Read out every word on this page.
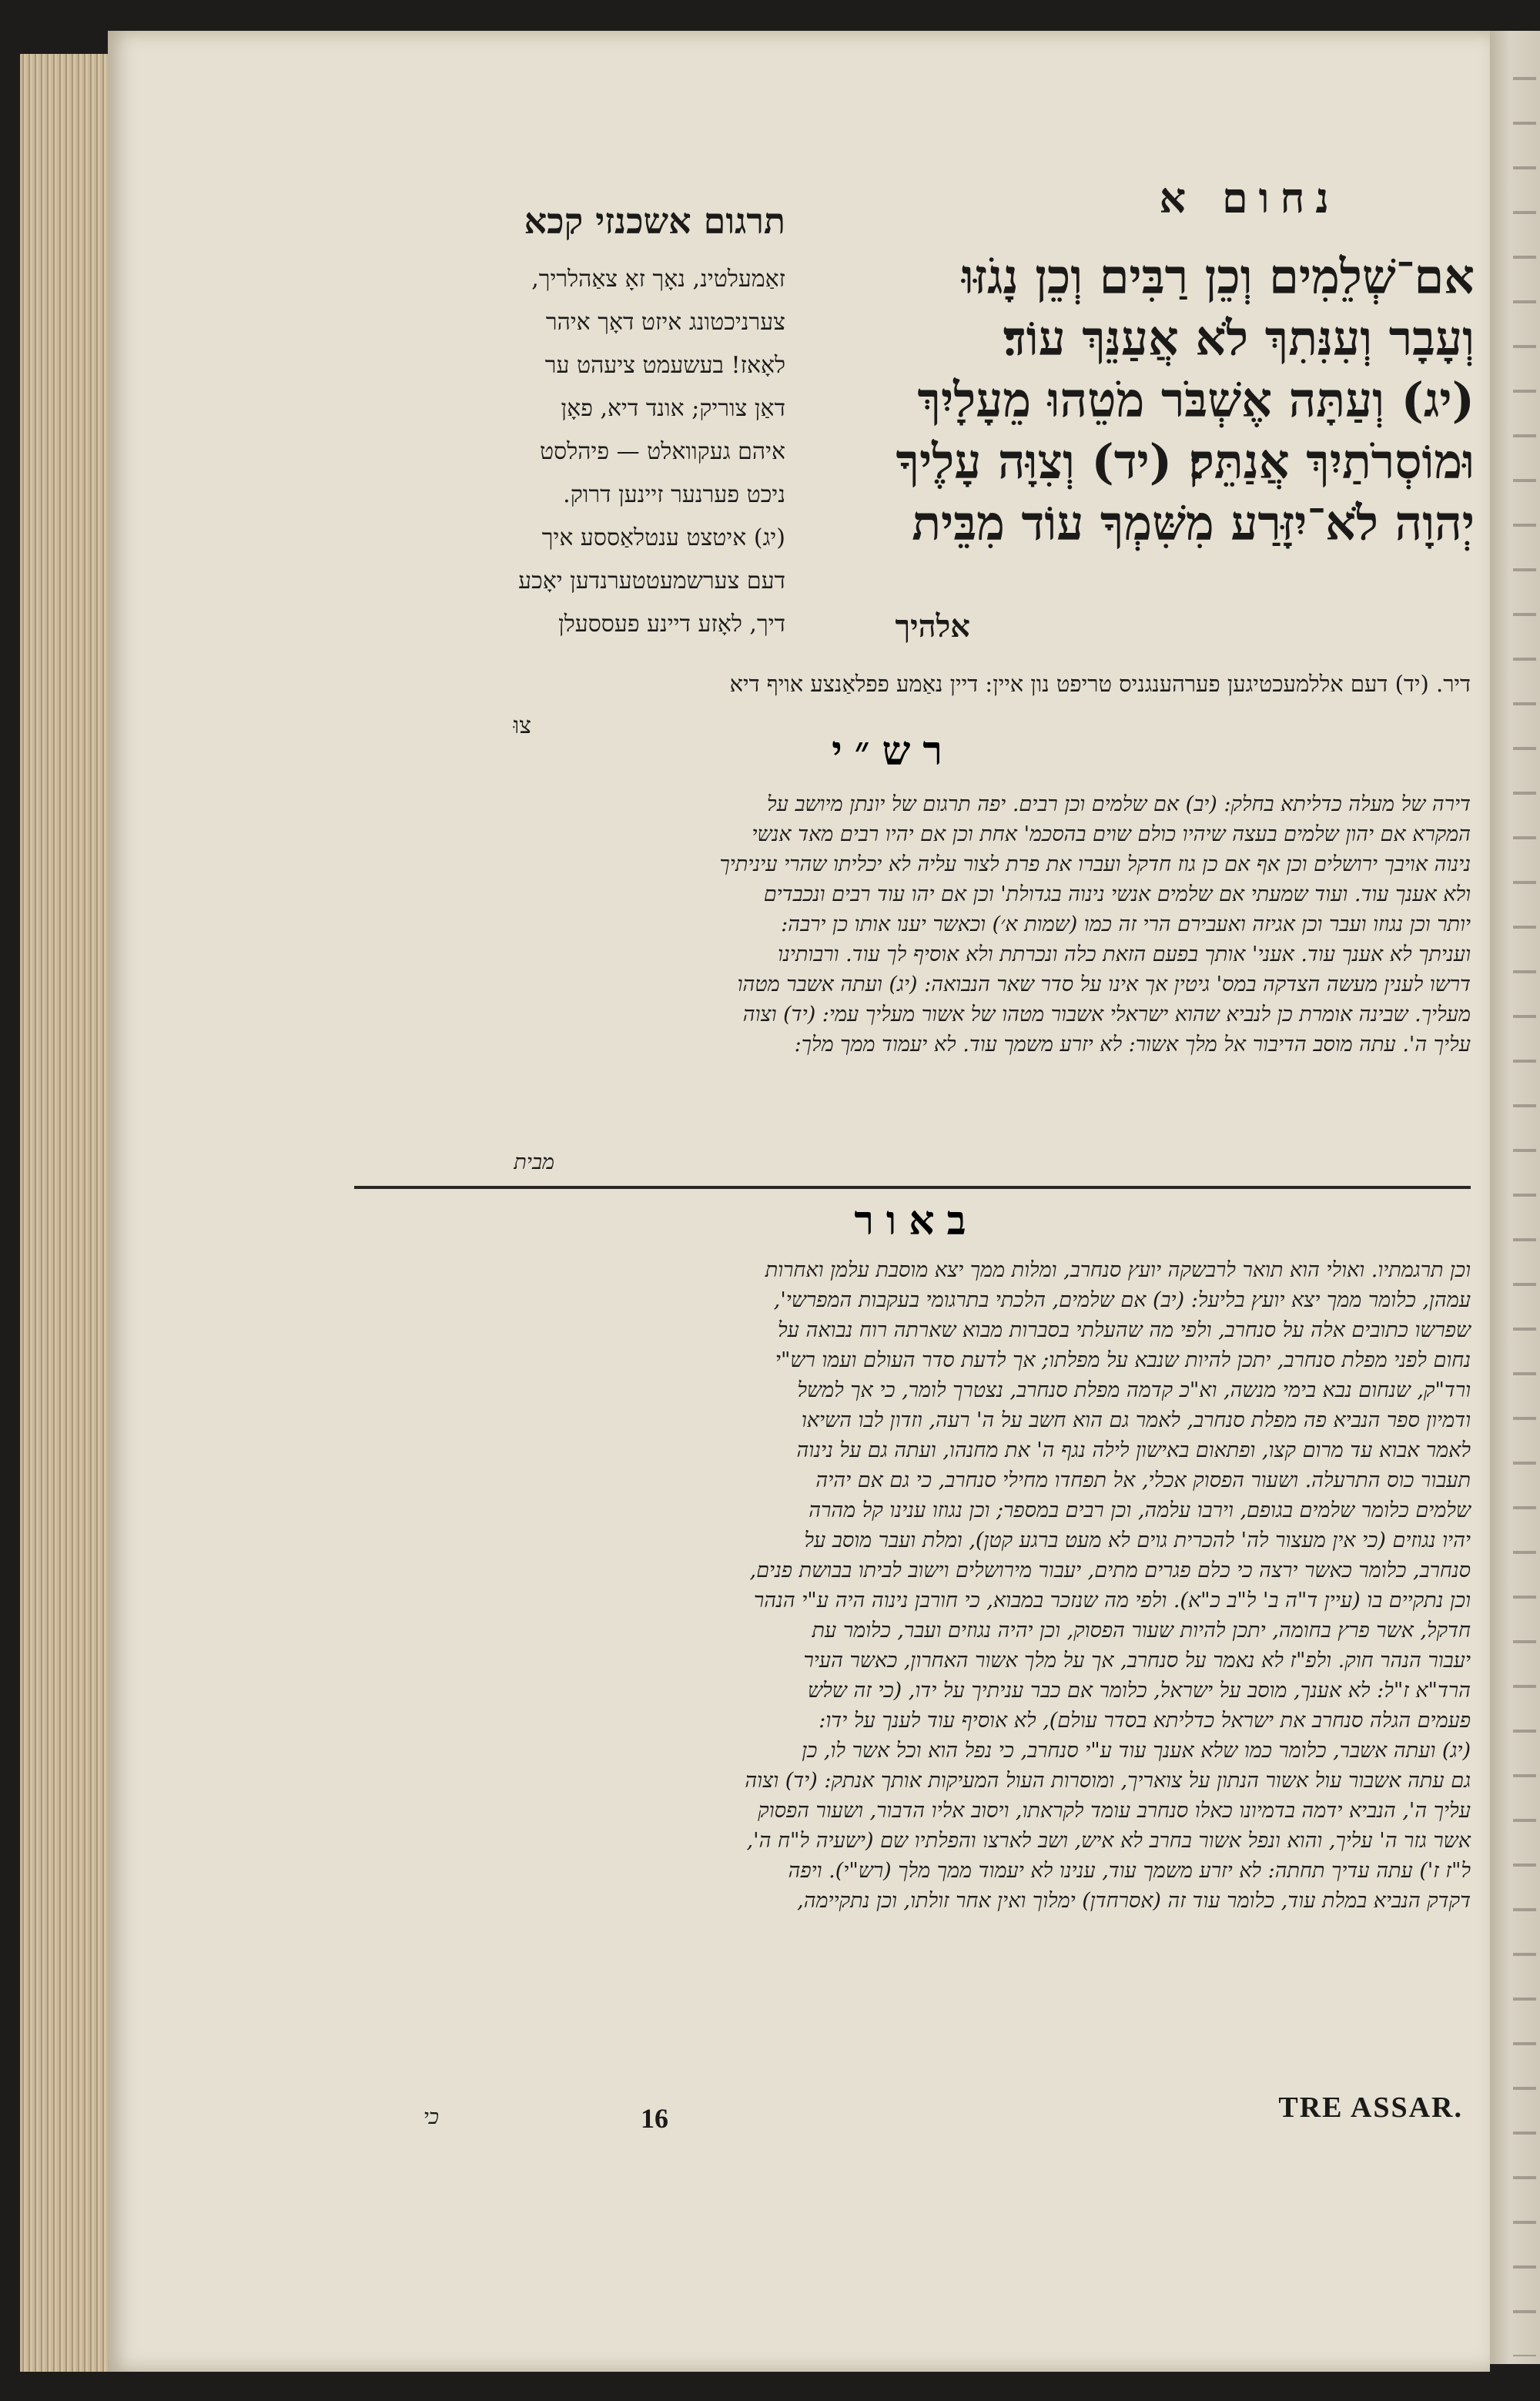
נחום א
תרגום אשכנזי קכא
אם־שְׁלֵמִים וְכֵן רַבִּים וְכֵן נָגֹזּוּ
וְעָבָר וְעִנִּתִךְ לֹא אֲעַנֵּךְ עוֹד׃
(יג) וְעַתָּה אֶשְׁבֹּר מֹטֵהוּ מֵעָלָיִךְ
וּמוֹסְרֹתַיִךְ אֲנַתֵּק׃ (יד) וְצִוָּה עָלֶיךָ
יְהוָה לֹא־יִזָּרַע מִשִּׁמְךָ עוֹד מִבֵּית
אלהיך
זאַמעלטינ, נאָך זאָ צאַהלריך,
צערניכטונג איזט דאָך איהר
לאָאז! בעשעמט ציעהט ער
דאַן צוריק; אונד דיא, פאָן
איהם געקוואלט — פיהלסט
ניכט פערנער זיינען דרוק.
(יג) איטצט ענטלאַססע איך
דעם צערשמעטטערנדען יאָכע
דיך, לאָזע דיינע פעססעלן
דיר. (יד) דעם אללמעכטיגען פערהענגניס טריפט נון איין: דיין נאַמע פפלאַנצע אויף דיא
צוּ
רש״י
דירה של מעלה כדליתא בחלק: (יב) אם שלמים וכן רבים. יפה תרגום של יונתן מיושב על
המקרא אם יהון שלמים בעצה שיהיו כולם שוים בהסכמ' אחת וכן אם יהיו רבים מאד אנשי
נינוה אויבך ירושלים וכן אף אם כן גוז חדקל ועברו את פרת לצור עליה לא יכליתו שהרי עיניתיך
ולא אענך עוד. ועוד שמעתי אם שלמים אנשי נינוה בגדולת' וכן אם יהו עוד רבים ונכבדים
יותר וכן נגוזו ועבר וכן אגיזה ואעבירם הרי זה כמו (שמות א׳) וכאשר יענו אותו כן ירבה:
ועניתך לא אענך עוד. אעני' אותך בפעם הזאת כלה ונכרתת ולא אוסיף לך עוד. ורבותינו
דרשו לענין מעשה הצדקה במס' גיטין אך אינו על סדר שאר הנבואה: (יג) ועתה אשבר מטהו
מעליך. שבינה אומרת כן לנביא שהוא ישראלי אשבור מטהו של אשור מעליך עמי: (יד) וצוה
עליך ה'. עתה מוסב הדיבור אל מלך אשור: לא יזרע משמך עוד. לא יעמוד ממך מלך:
מבית
באור
וכן תרגמתיו. ואולי הוא תואר לרבשקה יועץ סנחרב, ומלות ממך יצא מוסבת עלמן ואחרות
עמהן, כלומר ממך יצא יועץ בליעל: (יב) אם שלמים, הלכתי בתרגומי בעקבות המפרשי',
שפרשו כתובים אלה על סנחרב, ולפי מה שהעלתי בסברות מבוא שארתה רוח נבואה על
נחום לפני מפלת סנחרב, יתכן להיות שנבא על מפלתו; אך לדעת סדר העולם ועמו רש"י
ורד"ק, שנחום נבא בימי מנשה, וא"כ קדמה מפלת סנחרב, נצטרך לומר, כי אך למשל
ודמיון ספר הנביא פה מפלת סנחרב, לאמר גם הוא חשב על ה' רעה, וזדון לבו השיאו
לאמר אבוא עד מרום קצו, ופתאום באישון לילה נגף ה' את מחנהו, ועתה גם על נינוה
תעבור כוס התרעלה. ושעור הפסוק אכלי, אל תפחדו מחילי סנחרב, כי גם אם יהיה
שלמים כלומר שלמים בגופם, וירבו עלמה, וכן רבים במספר; וכן נגוזו ענינו קל מהרה
יהיו נגוזים (כי אין מעצור לה' להכרית גוים לא מעט ברגע קטן), ומלת ועבר מוסב על
סנחרב, כלומר כאשר ירצה כי כלם פגרים מתים, יעבור מירושלים וישוב לביתו בבושת פנים,
וכן נתקיים בו (עיין ד"ה ב' ל"ב כ"א). ולפי מה שנזכר במבוא, כי חורבן נינוה היה ע"י הנהר
חדקל, אשר פרץ בחומה, יתכן להיות שעור הפסוק, וכן יהיה נגוזים ועבר, כלומר עת
יעבור הנהר חוק. ולפ"ז לא נאמר על סנחרב, אך על מלך אשור האחרון, כאשר העיר
הרד"א ז"ל: לא אענך, מוסב על ישראל, כלומר אם כבר עניתיך על ידו, (כי זה שלש
פעמים הגלה סנחרב את ישראל כדליתא בסדר עולם), לא אוסיף עוד לענך על ידו:
(יג) ועתה אשבר, כלומר כמו שלא אענך עוד ע"י סנחרב, כי נפל הוא וכל אשר לו, כן
גם עתה אשבור עול אשור הנתון על צואריך, ומוסרות העול המעיקות אותך אנתק: (יד) וצוה
עליך ה', הנביא ידמה בדמיונו כאלו סנחרב עומד לקראתו, ויסוב אליו הדבור, ושעור הפסוק
אשר גזר ה' עליך, והוא ונפל אשור בחרב לא איש, ושב לארצו והפלתיו שם (ישעיה ל"ח ה',
ל"ז ז') עתה עדיך תחתה: לא יזרע משמך עוד, ענינו לא יעמוד ממך מלך (רש"י). ויפה
דקדק הנביא במלת עוד, כלומר עוד זה (אסרחדן) ימלוך ואין אחר זולתו, וכן נתקיימה,
כי	16	TRE ASSAR.
